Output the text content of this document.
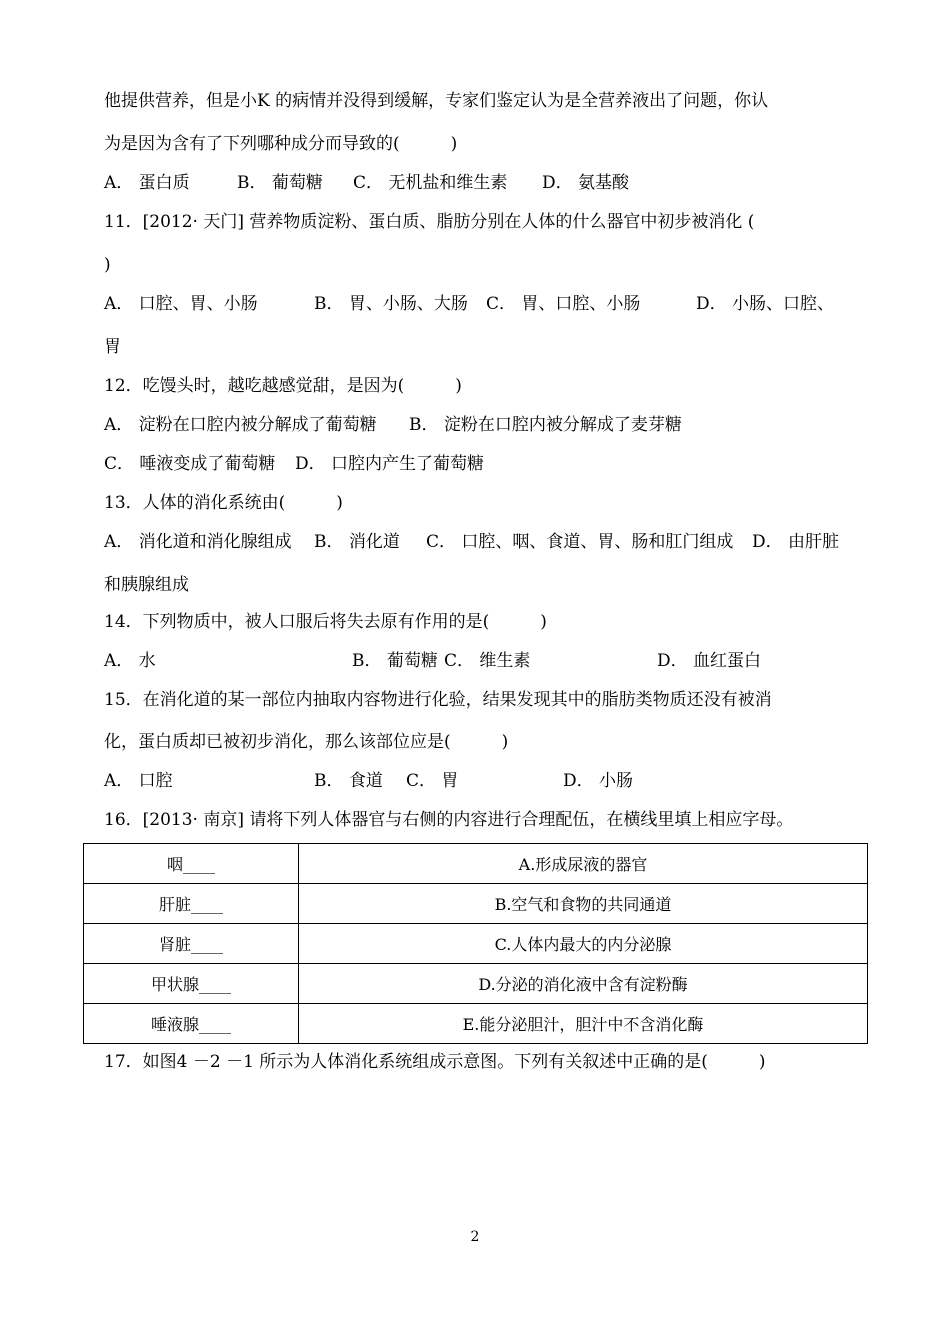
他提供营养，但是小K 的病情并没得到缓解，专家们鉴定认为是全营养液出了问题，你认
为是因为含有了下列哪种成分而导致的(　　　)
A． 蛋白质	B． 葡萄糖 C． 无机盐和维生素 D． 氨基酸
11．[2012· 天门] 营养物质淀粉、蛋白质、脂肪分别在人体的什么器官中初步被消化 (
)
A． 口腔、胃、小肠	B． 胃、小肠、大肠 C． 胃、口腔、小肠	D． 小肠、口腔、
胃
12．吃馒头时，越吃越感觉甜，是因为(　　　)
A． 淀粉在口腔内被分解成了葡萄糖 B． 淀粉在口腔内被分解成了麦芽糖
C． 唾液变成了葡萄糖 D． 口腔内产生了葡萄糖
13．人体的消化系统由(　　　)
A． 消化道和消化腺组成 B． 消化道 C． 口腔、咽、食道、胃、肠和肛门组成 D． 由肝脏
和胰腺组成
14．下列物质中，被人口服后将失去原有作用的是(　　　)
A． 水	B． 葡萄糖 C． 维生素	D． 血红蛋白
15．在消化道的某一部位内抽取内容物进行化验，结果发现其中的脂肪类物质还没有被消
化，蛋白质却已被初步消化，那么该部位应是(　　　)
A． 口腔	B． 食道 C． 胃	D． 小肠
16．[2013· 南京] 请将下列人体器官与右侧的内容进行合理配伍，在横线里填上相应字母。
咽____	A.形成尿液的器官
肝脏____	B.空气和食物的共同通道
肾脏____	C.人体内最大的内分泌腺
甲状腺____	D.分泌的消化液中含有淀粉酶
唾液腺____	E.能分泌胆汁，胆汁中不含消化酶
17．如图4 －2 －1 所示为人体消化系统组成示意图。下列有关叙述中正确的是(　　　)
2
